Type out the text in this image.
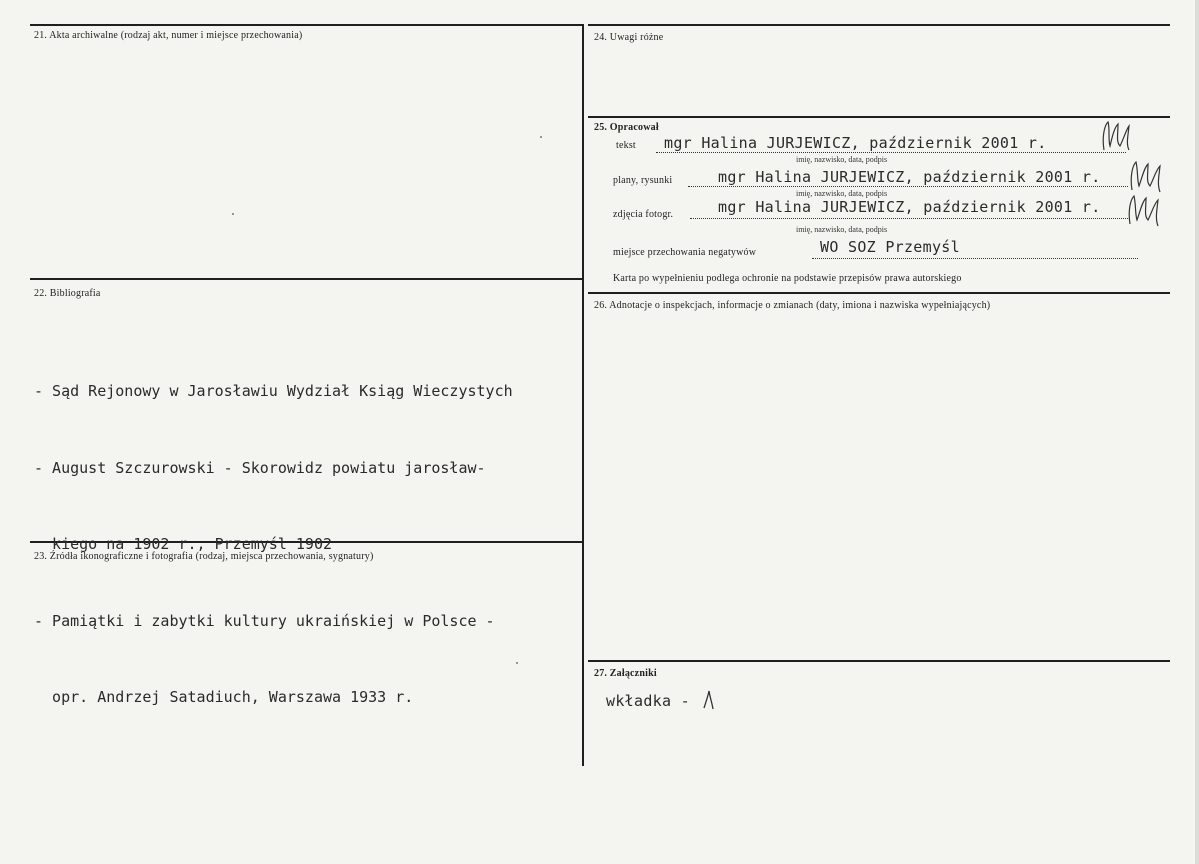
21. Akta archiwalne (rodzaj akt, numer i miejsce przechowania)
22. Bibliografia

- Sąd Rejonowy w Jarosławiu Wydział Ksiąg Wieczystych

- August Szczurowski - Skorowidz powiatu jarosław-

kiego na 1902 r., Przemyśl 1902

- Pamiątki i zabytki kultury ukraińskiej w Polsce -

opr. Andrzej Satadiuch, Warszawa 1933 r.

23. Źródła ikonograficzne i fotografia (rodzaj, miejsca przechowania, sygnatury)
24. Uwagi różne
25. Opracował
tekst mgr Halina JURJEWICZ, październik 2001 r.
imię, nazwisko, data, podpis
plany, rysunki	mgr Halina JURJEWICZ, październik 2001 r.
imię, nazwisko, data, podpis
zdjęcia fotogr.	mgr Halina JURJEWICZ, październik 2001 r.
imię, nazwisko, data, podpis
miejsce przechowania negatywów	WO SOZ Przemyśl
Karta po wypełnieniu podlega ochronie na podstawie przepisów prawa autorskiego
26. Adnotacje o inspekcjach, informacje o zmianach (daty, imiona i nazwiska wypełniających)
27. Załączniki
wkładka -
